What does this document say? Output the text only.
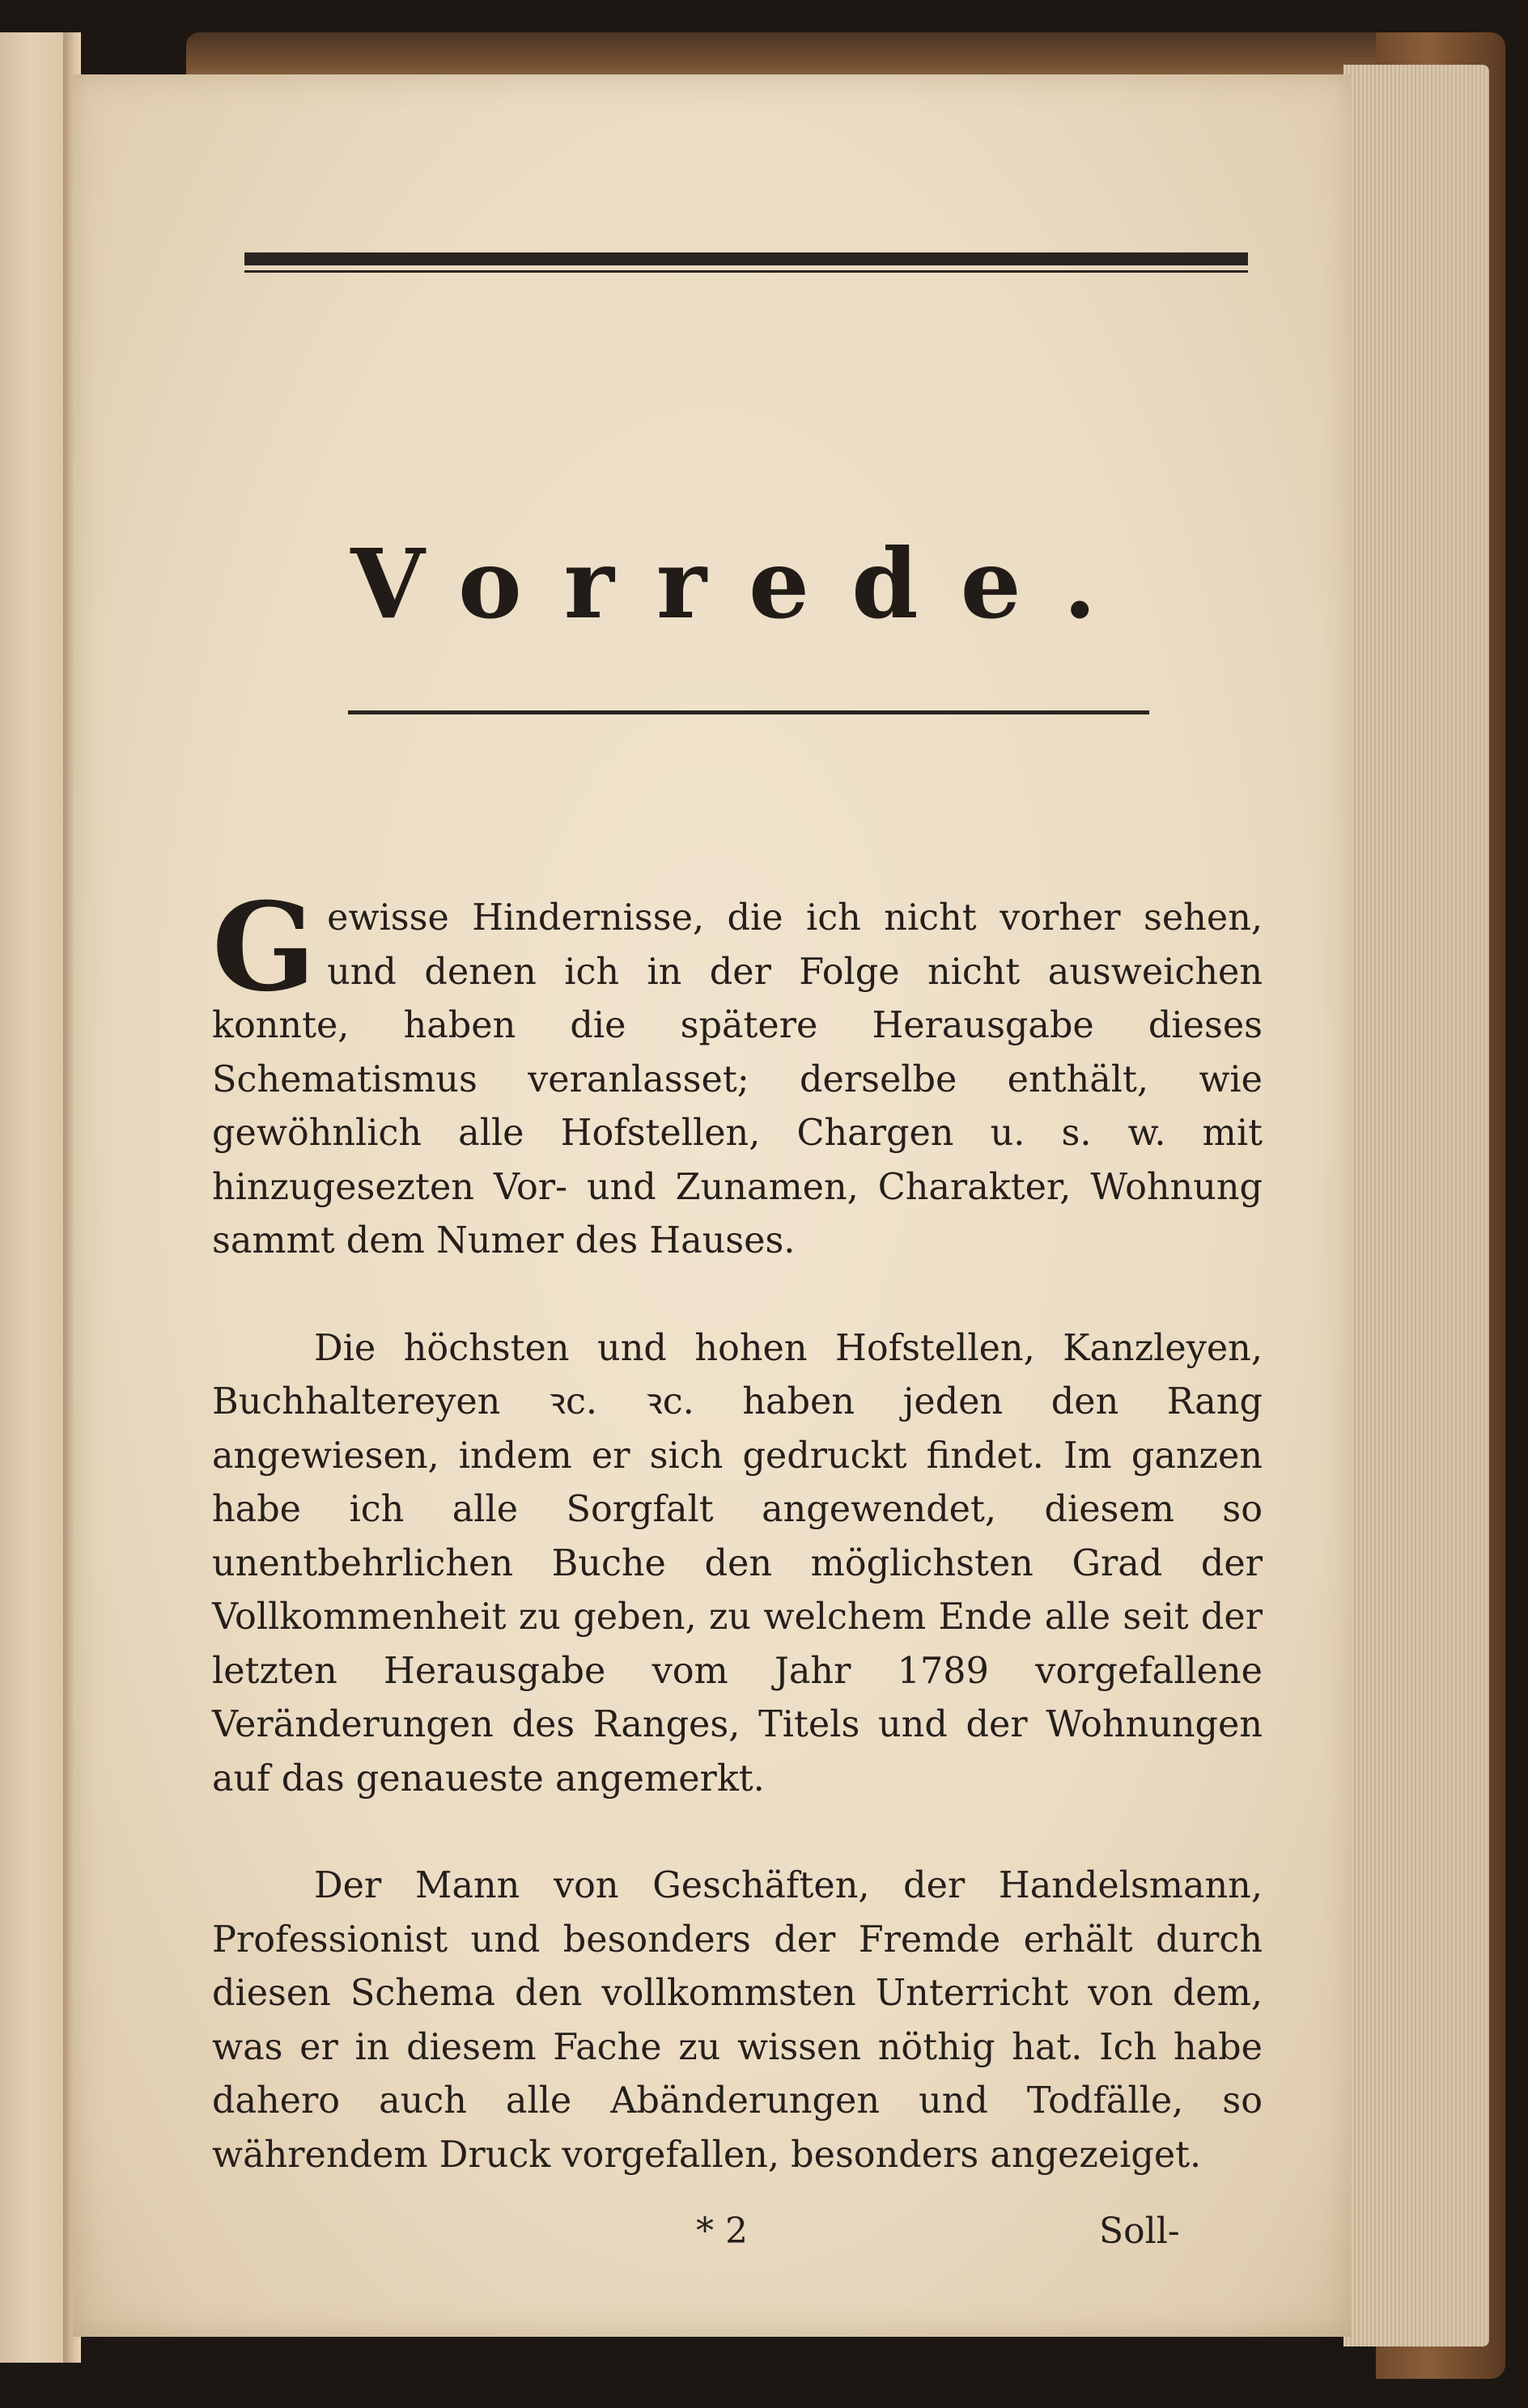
Vorrede.

Gewisse Hindernisse, die ich nicht vorher sehen, und denen ich in der Folge nicht ausweichen konnte, haben die spätere Herausgabe dieses Schematismus veranlasset; derselbe enthält, wie gewöhnlich alle Hofstellen, Chargen u. s. w. mit hinzugesezten Vor- und Zunamen, Charakter, Wohnung sammt dem Numer des Hauses.

Die höchsten und hohen Hofstellen, Kanzleyen, Buchhaltereyen ꝛc. ꝛc. haben jeden den Rang angewiesen, indem er sich gedruckt findet. Im ganzen habe ich alle Sorgfalt angewendet, diesem so unentbehrlichen Buche den möglichsten Grad der Vollkommenheit zu geben, zu welchem Ende alle seit der letzten Herausgabe vom Jahr 1789 vorgefallene Veränderungen des Ranges, Titels und der Wohnungen auf das genaueste angemerkt.

Der Mann von Geschäften, der Handelsmann, Professionist und besonders der Fremde erhält durch diesen Schema den vollkommsten Unterricht von dem, was er in diesem Fache zu wissen nöthig hat. Ich habe dahero auch alle Abänderungen und Todfälle, so währendem Druck vorgefallen, besonders angezeiget.

* 2	Soll-
